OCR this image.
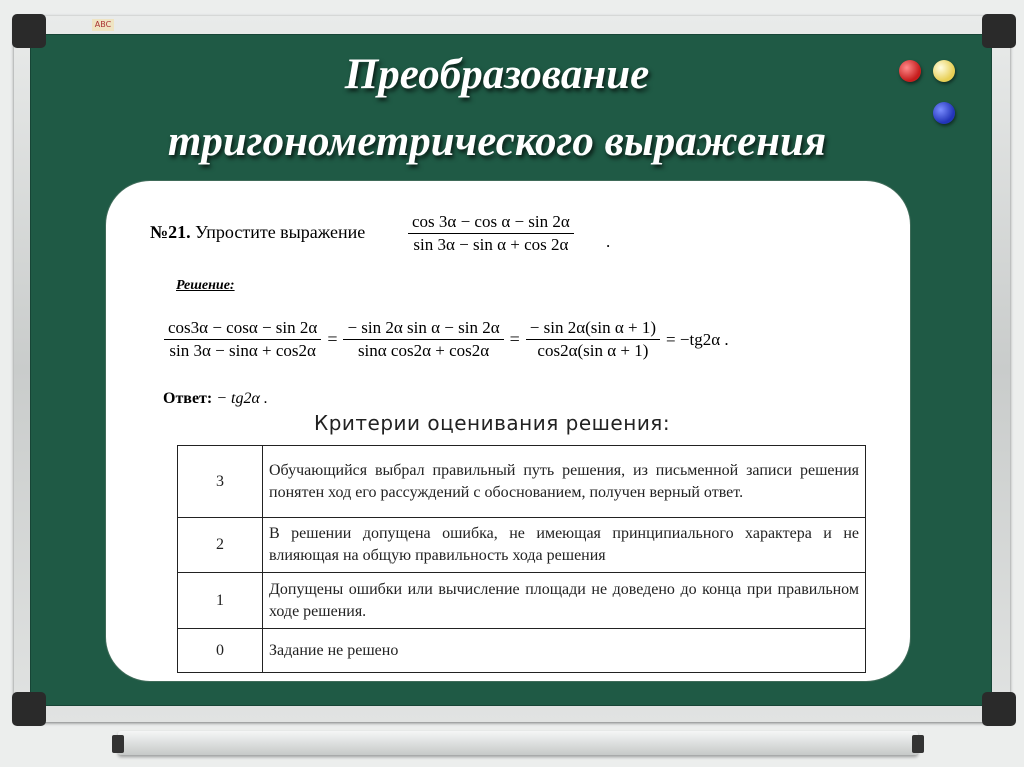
ABC
Преобразование
тригонометрического выражения
№21. Упростите выражение	$\frac{\text{cos 3α − cos α − sin 2α}}{\text{sin 3α − sin α + cos 2α}}$ .
Решение:
$\frac{\cos 3\alpha - \cos\alpha - \sin 2\alpha}{\sin 3\alpha - \sin\alpha + \cos 2\alpha} = \frac{\text{− sin 2α sin α − sin 2α}}{\text{sinα cos2α + cos2α}} = \frac{\text{− sin 2α(sin α + 1)}}{\text{cos2α(sin α + 1)}} = -tg2\alpha$ .
Ответ: − tg2α .
Критерии оценивания решения:
3	Обучающийся выбрал правильный путь решения, из письменной записи решения понятен ход его рассуждений с обоснованием, получен верный ответ.
2	В решении допущена ошибка, не имеющая принципиального характера и не влияющая на общую правильность хода решения
1	Допущены ошибки или вычисление площади не доведено до конца при правильном ходе решения.
0	Задание не решено
